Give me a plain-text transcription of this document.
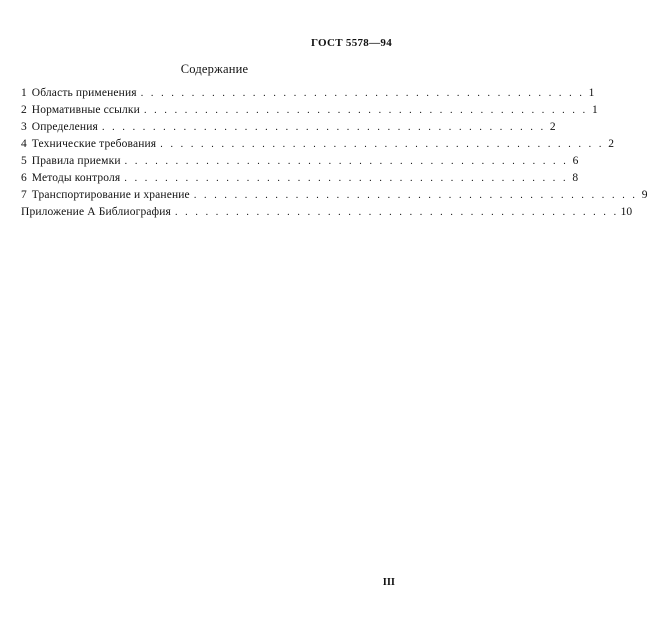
ГОСТ 5578—94
Содержание
1 Область применения . . . . . . . . . . . . . . . . . . . . . . . . . . . . . . . . . . . . . . . . . . . . 1
2 Нормативные ссылки . . . . . . . . . . . . . . . . . . . . . . . . . . . . . . . . . . . . . . . . . . . . 1
3 Определения . . . . . . . . . . . . . . . . . . . . . . . . . . . . . . . . . . . . . . . . . . . . 2
4 Технические требования . . . . . . . . . . . . . . . . . . . . . . . . . . . . . . . . . . . . . . . . . . . . 2
5 Правила приемки . . . . . . . . . . . . . . . . . . . . . . . . . . . . . . . . . . . . . . . . . . . . 6
6 Методы контроля . . . . . . . . . . . . . . . . . . . . . . . . . . . . . . . . . . . . . . . . . . . . 8
7 Транспортирование и хранение . . . . . . . . . . . . . . . . . . . . . . . . . . . . . . . . . . . . . . . . . . . . 9
Приложение А Библиография . . . . . . . . . . . . . . . . . . . . . . . . . . . . . . . . . . . . . . . . . . . . 10
III
